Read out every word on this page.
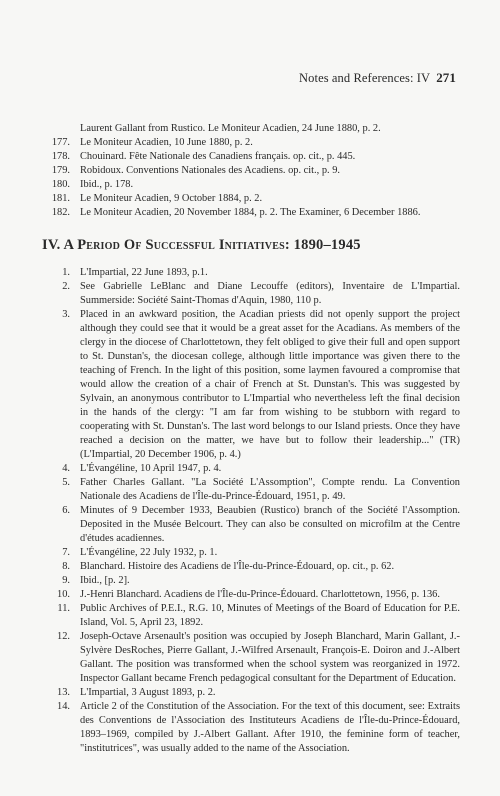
Notes and References: IV 271
Laurent Gallant from Rustico. Le Moniteur Acadien, 24 June 1880, p. 2.
177. Le Moniteur Acadien, 10 June 1880, p. 2.
178. Chouinard. Fête Nationale des Canadiens français. op. cit., p. 445.
179. Robidoux. Conventions Nationales des Acadiens. op. cit., p. 9.
180. Ibid., p. 178.
181. Le Moniteur Acadien, 9 October 1884, p. 2.
182. Le Moniteur Acadien, 20 November 1884, p. 2. The Examiner, 6 December 1886.
IV. A Period Of Successful Initiatives: 1890–1945
1. L'Impartial, 22 June 1893, p.1.
2. See Gabrielle LeBlanc and Diane Lecouffe (editors), Inventaire de L'Impartial. Summerside: Société Saint-Thomas d'Aquin, 1980, 110 p.
3. Placed in an awkward position, the Acadian priests did not openly support the project although they could see that it would be a great asset for the Acadians. As members of the clergy in the diocese of Charlottetown, they felt obliged to give their full and open support to St. Dunstan's, the diocesan college, although little importance was given there to the teaching of French. In the light of this position, some laymen favoured a compromise that would allow the creation of a chair of French at St. Dunstan's. This was suggested by Sylvain, an anonymous contributor to L'Impartial who nevertheless left the final decision in the hands of the clergy: "I am far from wishing to be stubborn with regard to cooperating with St. Dunstan's. The last word belongs to our Island priests. Once they have reached a decision on the matter, we have but to follow their leadership..." (TR) (L'Impartial, 20 December 1906, p. 4.)
4. L'Évangéline, 10 April 1947, p. 4.
5. Father Charles Gallant. "La Société L'Assomption", Compte rendu. La Convention Nationale des Acadiens de l'Île-du-Prince-Édouard, 1951, p. 49.
6. Minutes of 9 December 1933, Beaubien (Rustico) branch of the Société l'Assomption. Deposited in the Musée Belcourt. They can also be consulted on microfilm at the Centre d'études acadiennes.
7. L'Évangéline, 22 July 1932, p. 1.
8. Blanchard. Histoire des Acadiens de l'Île-du-Prince-Édouard, op. cit., p. 62.
9. Ibid., [p. 2].
10. J.-Henri Blanchard. Acadiens de l'Île-du-Prince-Édouard. Charlottetown, 1956, p. 136.
11. Public Archives of P.E.I., R.G. 10, Minutes of Meetings of the Board of Education for P.E. Island, Vol. 5, April 23, 1892.
12. Joseph-Octave Arsenault's position was occupied by Joseph Blanchard, Marin Gallant, J.-Sylvère DesRoches, Pierre Gallant, J.-Wilfred Arsenault, François-E. Doiron and J.-Albert Gallant. The position was transformed when the school system was reorganized in 1972. Inspector Gallant became French pedagogical consultant for the Department of Education.
13. L'Impartial, 3 August 1893, p. 2.
14. Article 2 of the Constitution of the Association. For the text of this document, see: Extraits des Conventions de l'Association des Instituteurs Acadiens de l'Île-du-Prince-Édouard, 1893–1969, compiled by J.-Albert Gallant. After 1910, the feminine form of teacher, "institutrices", was usually added to the name of the Association.
